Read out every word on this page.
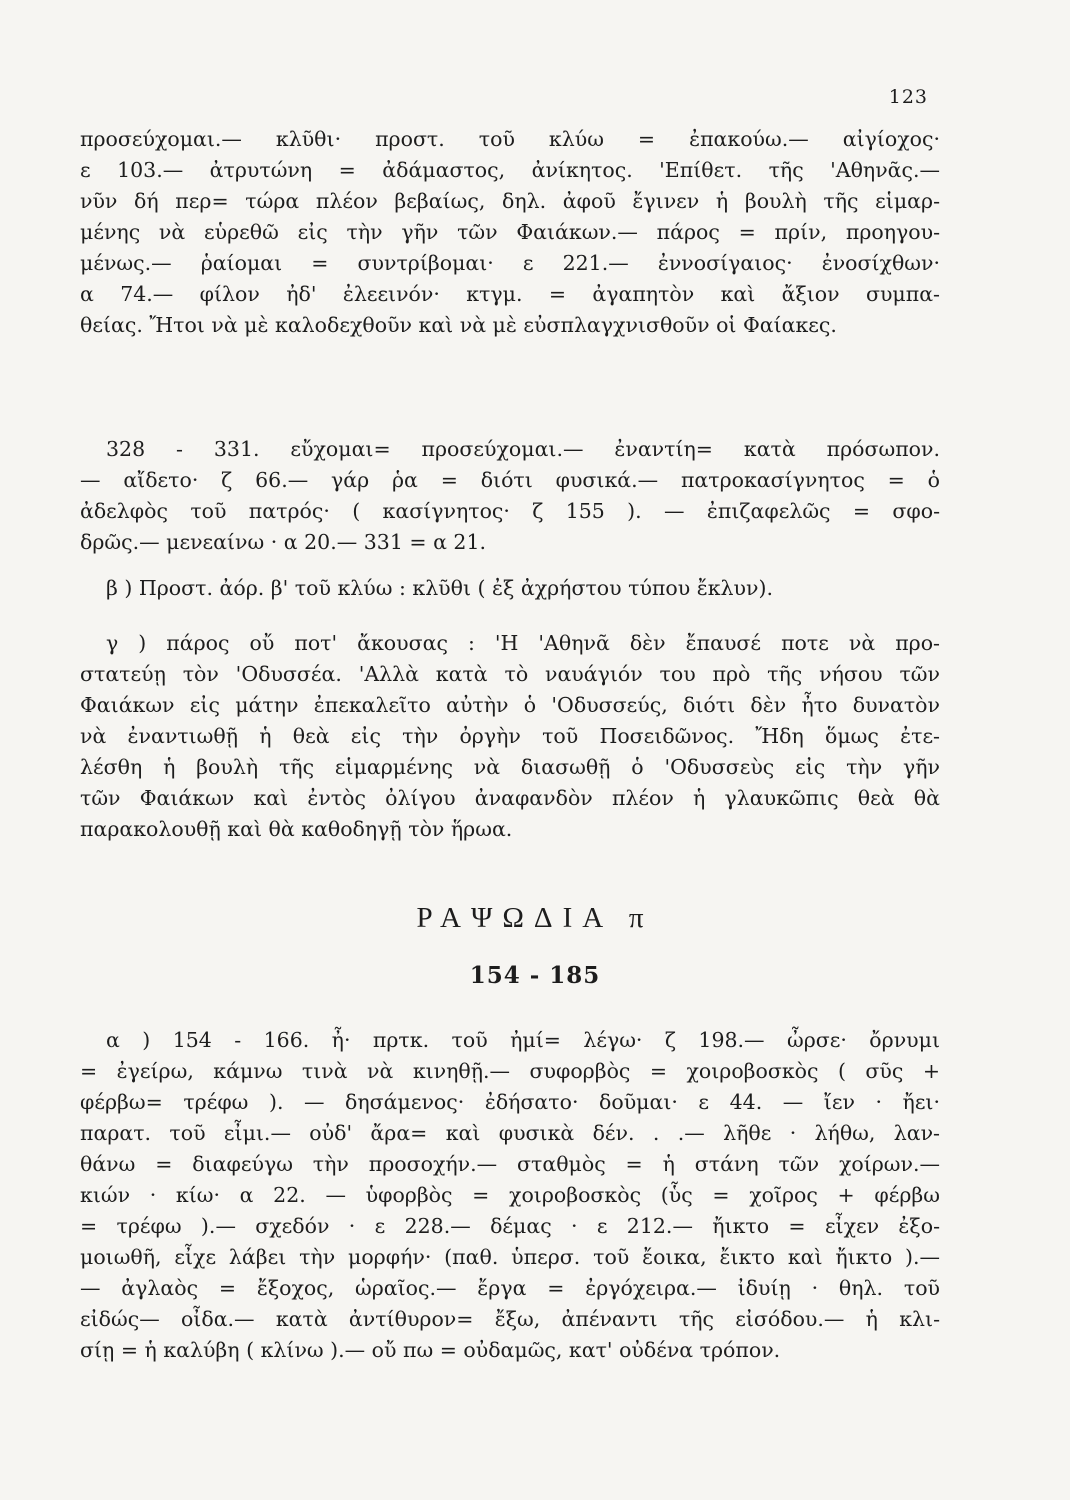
123
προσεύχομαι.— κλῦθι· προστ. τοῦ κλύω = ἐπακούω.— αἰγίοχος·
ε 103.— ἀτρυτώνη = ἀδάμαστος, ἀνίκητος. 'Επίθετ. τῆς 'Αθηνᾶς.—
νῦν δή περ= τώρα πλέον βεβαίως, δηλ. ἀφοῦ ἔγινεν ἡ βουλὴ τῆς εἱμαρ-
μένης νὰ εὑρεθῶ εἰς τὴν γῆν τῶν Φαιάκων.— πάρος = πρίν, προηγου-
μένως.— ῥαίομαι = συντρίβομαι· ε 221.— ἐννοσίγαιος· ἐνοσίχθων·
α 74.— φίλον ἠδ' ἐλεεινόν· κτγμ. = ἀγαπητὸν καὶ ἄξιον συμπα-
θείας. Ἤτοι νὰ μὲ καλοδεχθοῦν καὶ νὰ μὲ εὐσπλαγχνισθοῦν οἱ Φαίακες.
328 - 331. εὔχομαι= προσεύχομαι.— ἐναντίη= κατὰ πρόσωπον.
— αἴδετο· ζ 66.— γάρ ῥα = διότι φυσικά.— πατροκασίγνητος = ὁ
ἀδελφὸς τοῦ πατρός· ( κασίγνητος· ζ 155 ). — ἐπιζαφελῶς = σφο-
δρῶς.— μενεαίνω · α 20.— 331 = α 21.
β ) Προστ. ἀόρ. β' τοῦ κλύω : κλῦθι ( ἐξ ἀχρήστου τύπου ἔκλυν).
γ ) πάρος οὔ ποτ' ἄκουσας : 'Η 'Αθηνᾶ δὲν ἔπαυσέ ποτε νὰ προ-
στατεύῃ τὸν 'Οδυσσέα. 'Αλλὰ κατὰ τὸ ναυάγιόν του πρὸ τῆς νήσου τῶν
Φαιάκων εἰς μάτην ἐπεκαλεῖτο αὐτὴν ὁ 'Οδυσσεύς, διότι δὲν ἦτο δυνατὸν
νὰ ἐναντιωθῇ ἡ θεὰ εἰς τὴν ὀργὴν τοῦ Ποσειδῶνος. Ἤδη ὅμως ἐτε-
λέσθη ἡ βουλὴ τῆς εἱμαρμένης νὰ διασωθῇ ὁ 'Οδυσσεὺς εἰς τὴν γῆν
τῶν Φαιάκων καὶ ἐντὸς ὀλίγου ἀναφανδὸν πλέον ἡ γλαυκῶπις θεὰ θὰ
παρακολουθῇ καὶ θὰ καθοδηγῇ τὸν ἥρωα.
ΡΑΨΩΔΙΑ π
154 - 185
α ) 154 - 166. ἦ· πρτκ. τοῦ ἠμί= λέγω· ζ 198.— ὦρσε· ὄρνυμι
= ἐγείρω, κάμνω τινὰ νὰ κινηθῇ.— συφορβὸς = χοιροβοσκὸς ( σῦς +
φέρβω= τρέφω ). — δησάμενος· ἐδήσατο· δοῦμαι· ε 44. — ἴεν · ἤει·
παρατ. τοῦ εἶμι.— οὐδ' ἄρα= καὶ φυσικὰ δέν. . .— λῆθε · λήθω, λαν-
θάνω = διαφεύγω τὴν προσοχήν.— σταθμὸς = ἡ στάνη τῶν χοίρων.—
κιών · κίω· α 22. — ὑφορβὸς = χοιροβοσκὸς (ὗς = χοῖρος + φέρβω
= τρέφω ).— σχεδόν · ε 228.— δέμας · ε 212.— ἤικτο = εἶχεν ἐξο-
μοιωθῆ, εἶχε λάβει τὴν μορφήν· (παθ. ὑπερσ. τοῦ ἔοικα, ἔικτο καὶ ἤικτο ).—
— ἀγλαὸς = ἔξοχος, ὡραῖος.— ἔργα = ἐργόχειρα.— ἰδυίῃ · θηλ. τοῦ
εἰδώς— οἶδα.— κατὰ ἀντίθυρον= ἔξω, ἀπέναντι τῆς εἰσόδου.— ἡ κλι-
σίῃ = ἡ καλύβη ( κλίνω ).— οὔ πω = οὐδαμῶς, κατ' οὐδένα τρόπον.
